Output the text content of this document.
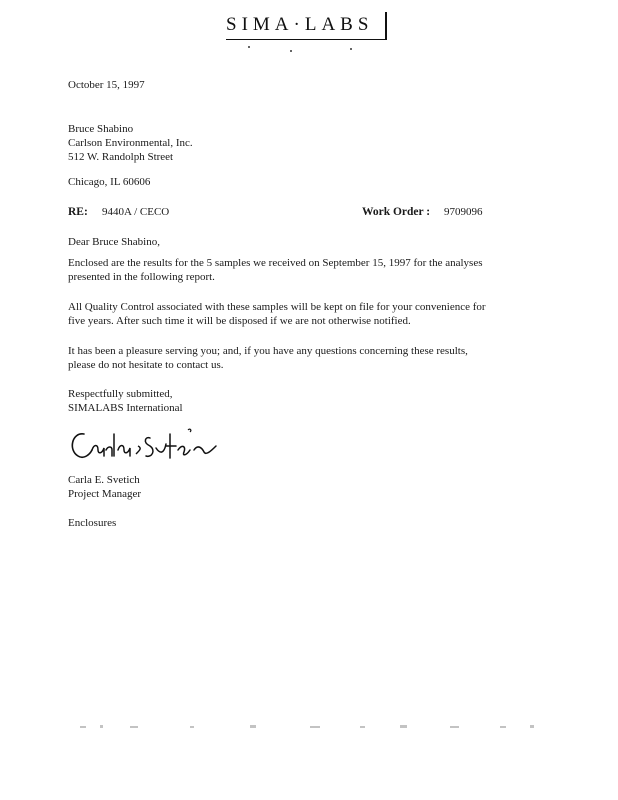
SIMA·LABS
October 15, 1997
Bruce Shabino
Carlson Environmental, Inc.
512 W. Randolph Street
Chicago, IL 60606
RE: 9440A / CECO	Work Order : 9709096
Dear Bruce Shabino,
Enclosed are the results for the 5 samples we received on September 15, 1997 for the analyses
presented in the following report.
All Quality Control associated with these samples will be kept on file for your convenience for
five years. After such time it will be disposed if we are not otherwise notified.
It has been a pleasure serving you; and, if you have any questions concerning these results,
please do not hesitate to contact us.
Respectfully submitted,
SIMALABS International
Carla E. Svetich
Project Manager
Enclosures
